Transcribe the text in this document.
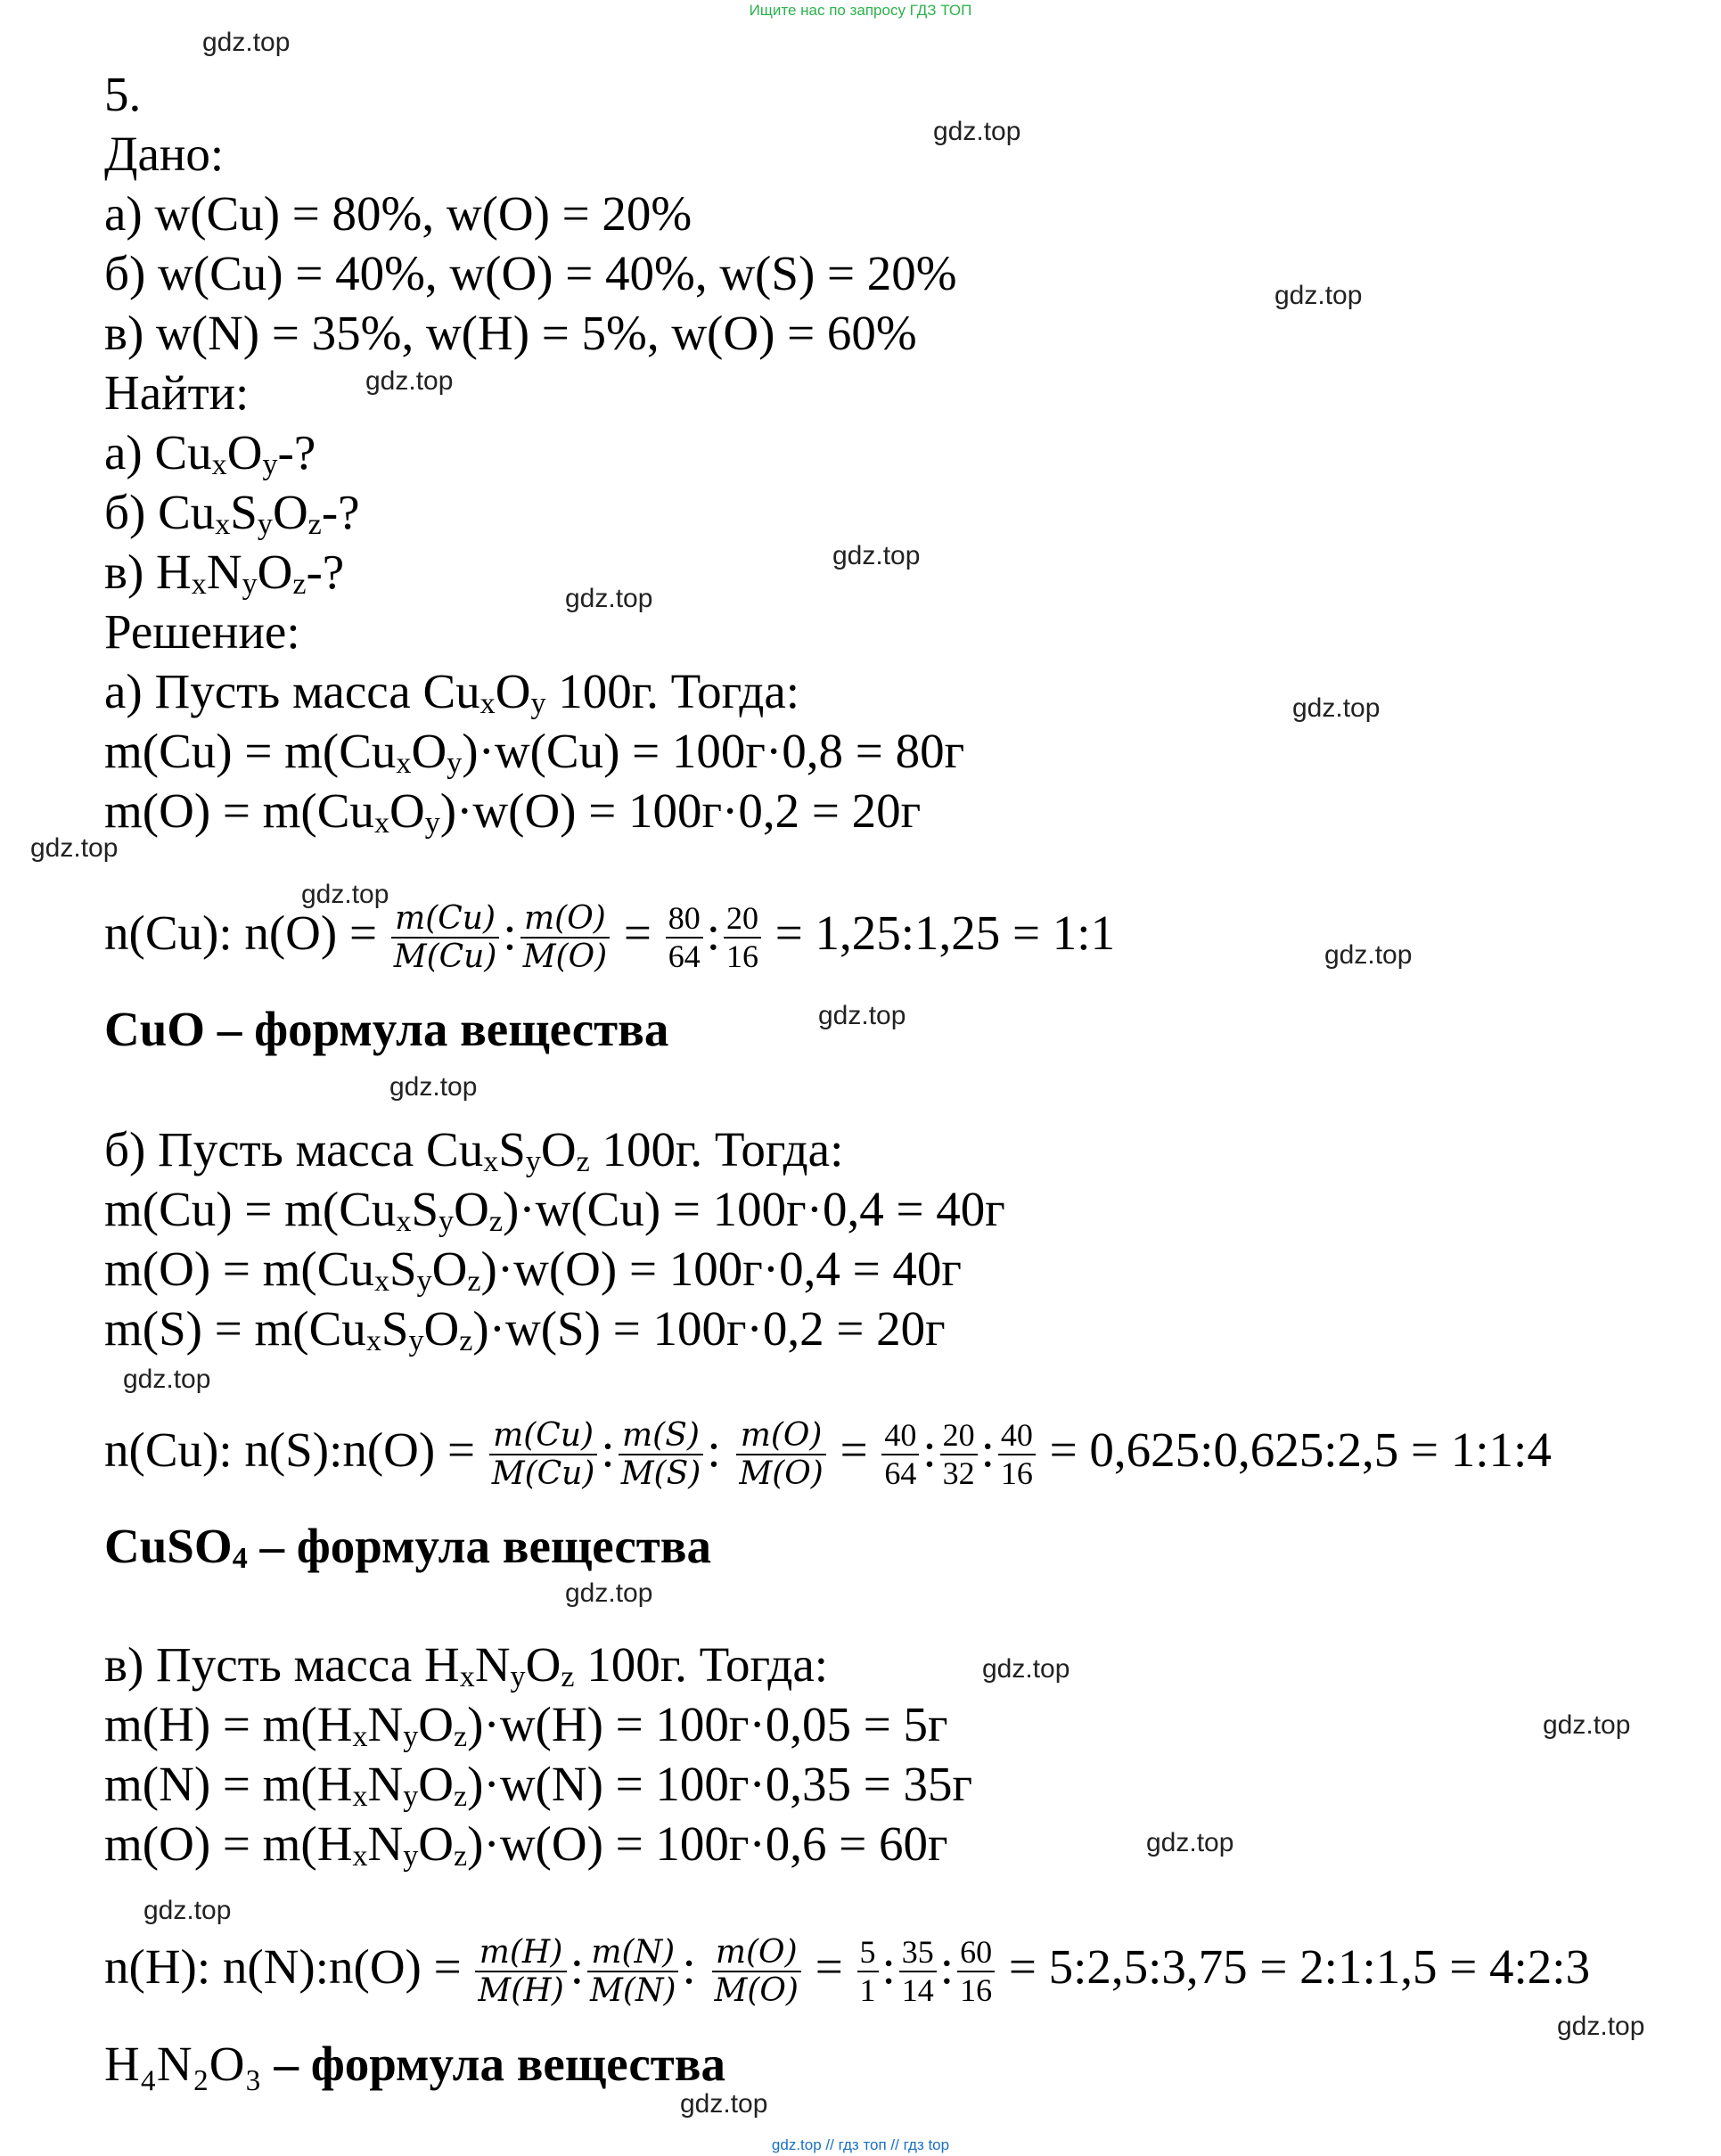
Ищите нас по запросу ГДЗ ТОП
gdz.top
gdz.top
gdz.top
gdz.top
gdz.top
gdz.top
gdz.top
gdz.top
gdz.top
gdz.top
gdz.top
gdz.top
gdz.top
gdz.top
gdz.top
gdz.top
gdz.top
gdz.top
gdz.top
gdz.top
5.
Дано:
а) w(Cu) = 80%, w(O) = 20%
б) w(Cu) = 40%, w(O) = 40%, w(S) = 20%
в) w(N) = 35%, w(H) = 5%, w(O) = 60%
Найти:
а) $Cu_xO_y-$?
б) $Cu_xS_yO_z-$?
в) $H_xN_yO_z-$?
Решение:
а) Пусть масса $Cu_xO_y$ 100г. Тогда:
$m(Cu) = m(Cu_xO_y)\cdot w(Cu) = 100г\cdot 0,8 = 80г$
$m(O) = m(Cu_xO_y)\cdot w(O) = 100г\cdot 0,2 = 20г$
n(Cu): $n(O) = \frac{m(Cu)}{M(Cu)}$ : $\frac{m(O)}{M(O)} = \frac{80}{64}$ : $\frac{20}{16}$ = 1,25:1,25 = 1:1
CuO – формула вещества
б) Пусть масса $Cu_xS_yO_z$ 100г. Тогда:
$m(Cu) = m(Cu_xS_yO_z)\cdot w(Cu) = 100г\cdot 0,4 = 40г$
$m(O) = m(Cu_xS_yO_z)\cdot w(O) = 100г\cdot 0,4 = 40г$
$m(S) = m(Cu_xS_yO_z)\cdot w(S) = 100г\cdot 0,2 = 20г$
n(Cu): n(S):n(O) = $\frac{m(Cu)}{M(Cu)}$ : $\frac{m(S)}{M(S)}$ : $\frac{m(O)}{M(O)} = \frac{40}{64}$ : $\frac{20}{32}$ : $\frac{40}{16}$ = 0,625:0,625:2,5 = 1:1:4
CuSO$_4$ – формула вещества
в) Пусть масса $H_xN_yO_z$ 100г. Тогда:
$m(H) = m(H_xN_yO_z)\cdot w(H) = 100г\cdot 0,05 = 5г$
$m(N) = m(H_xN_yO_z)\cdot w(N) = 100г\cdot 0,35 = 35г$
$m(O) = m(H_xN_yO_z)\cdot w(O) = 100г\cdot 0,6 = 60г$
n(H): n(N):n(O) = $\frac{m(H)}{M(H)}$ : $\frac{m(N)}{M(N)}$ : $\frac{m(O)}{M(O)} = \frac{5}{1}$ : $\frac{35}{14}$ : $\frac{60}{16}$ = 5:2,5:3,75 = 2:1:1,5 = 4:2:3
H₄N₂O₃ – формула вещества
gdz.top // гдз топ // гдз top
